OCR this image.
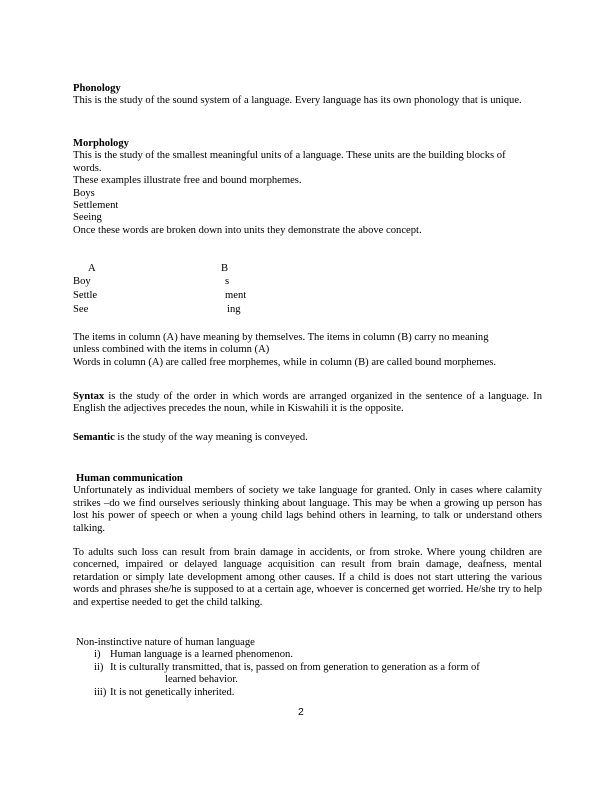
Phonology

This is the study of the sound system of a language. Every language has its own phonology that is unique.

Morphology

This is the study of the smallest meaningful units of a language. These units are the building blocks of words.

These examples illustrate free and bound morphemes.

Boys

Settlement

Seeing

Once these words are broken down into units they demonstrate the above concept.

A	B
Boy	s
Settle	ment
See	ing

The items in column (A) have meaning by themselves. The items in column (B) carry no meaning unless combined with the items in column (A)

Words in column (A) are called free morphemes, while in column (B) are called bound morphemes.

Syntax is the study of the order in which words are arranged organized in the sentence of a language. In English the adjectives precedes the noun, while in Kiswahili it is the opposite.

Semantic is the study of the way meaning is conveyed.

Human communication

Unfortunately as individual members of society we take language for granted. Only in cases where calamity strikes –do we find ourselves seriously thinking about language. This may be when a growing up person has lost his power of speech or when a young child lags behind others in learning, to talk or understand others talking.

To adults such loss can result from brain damage in accidents, or from stroke. Where young children are concerned, impaired or delayed language acquisition can result from brain damage, deafness, mental retardation or simply late development among other causes. If a child is does not start uttering the various words and phrases she/he is supposed to at a certain age, whoever is concerned get worried. He/she try to help and expertise needed to get the child talking.

Non-instinctive nature of human language

i) Human language is a learned phenomenon.
ii) It is culturally transmitted, that is, passed on from generation to generation as a form of
learned behavior.
iii) It is not genetically inherited.
2
